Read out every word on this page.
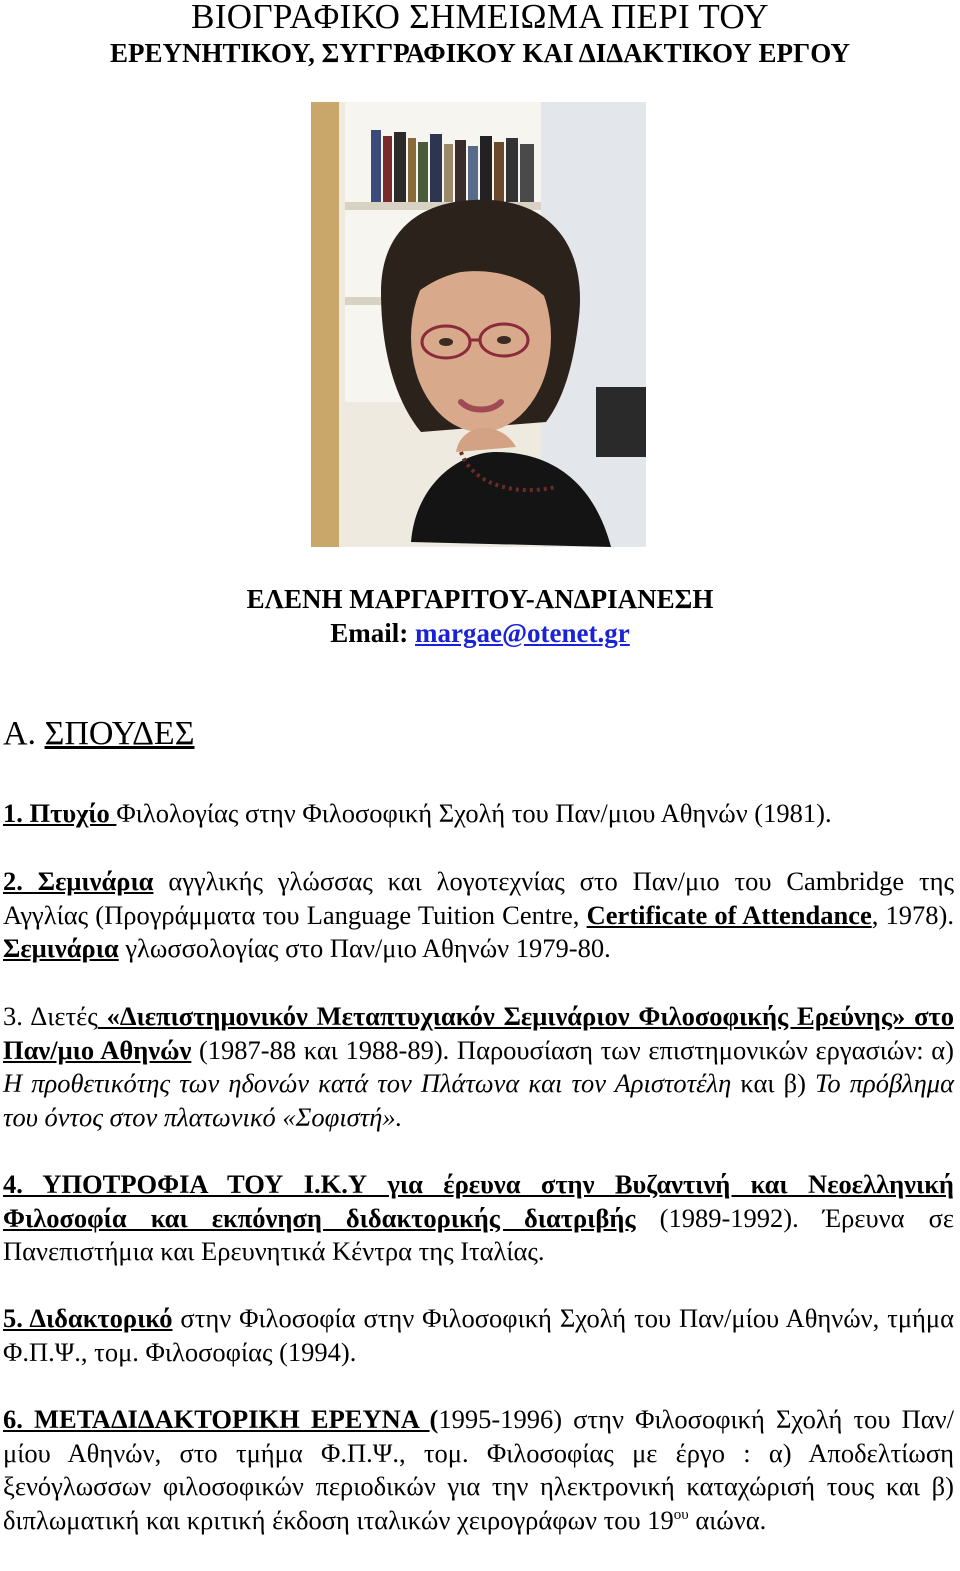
ΒΙΟΓΡΑΦΙΚΟ ΣΗΜΕΙΩΜΑ ΠΕΡΙ ΤΟΥ
ΕΡΕΥΝΗΤΙΚΟΥ, ΣΥΓΓΡΑΦΙΚΟΥ ΚΑΙ ΔΙΔΑΚΤΙΚΟΥ ΕΡΓΟΥ
ΕΛΕΝΗ ΜΑΡΓΑΡΙΤΟΥ-ΑΝΔΡΙΑΝΕΣΗ
Email: margae@otenet.gr
Α. ΣΠΟΥΔΕΣ

1. Πτυχίο Φιλολογίας στην Φιλοσοφική Σχολή του Παν/μιου Αθηνών (1981).

2. Σεμινάρια αγγλικής γλώσσας και λογοτεχνίας στο Παν/μιο του Cambridge της Αγγλίας (Προγράμματα του Language Tuition Centre, Certificate of Attendance, 1978). Σεμινάρια γλωσσολογίας στο Παν/μιο Αθηνών 1979-80.

3. Διετές «Διεπιστημονικόν Μεταπτυχιακόν Σεμινάριον Φιλοσοφικής Ερεύνης» στο Παν/μιο Αθηνών (1987-88 και 1988-89). Παρουσίαση των επιστημονικών εργασιών: α) Η προθετικότης των ηδονών κατά τον Πλάτωνα και τον Αριστοτέλη και β) Το πρόβλημα του όντος στον πλατωνικό «Σοφιστή».

4. ΥΠΟΤΡΟΦΙΑ ΤΟΥ Ι.Κ.Υ για έρευνα στην Βυζαντινή και Νεοελληνική Φιλοσοφία και εκπόνηση διδακτορικής διατριβής (1989-1992). Έρευνα σε Πανεπιστήμια και Ερευνητικά Κέντρα της Ιταλίας.

5. Διδακτορικό στην Φιλοσοφία στην Φιλοσοφική Σχολή του Παν/μίου Αθηνών, τμήμα Φ.Π.Ψ., τομ. Φιλοσοφίας (1994).

6. ΜΕΤΑΔΙΔΑΚΤΟΡΙΚΗ ΕΡΕΥΝΑ (1995-1996) στην Φιλοσοφική Σχολή του Παν/μίου Αθηνών, στο τμήμα Φ.Π.Ψ., τομ. Φιλοσοφίας με έργο : α) Αποδελτίωση ξενόγλωσσων φιλοσοφικών περιοδικών για την ηλεκτρονική καταχώρισή τους και β) διπλωματική και κριτική έκδοση ιταλικών χειρογράφων του $19^{o\upsilon}$ αιώνα.
